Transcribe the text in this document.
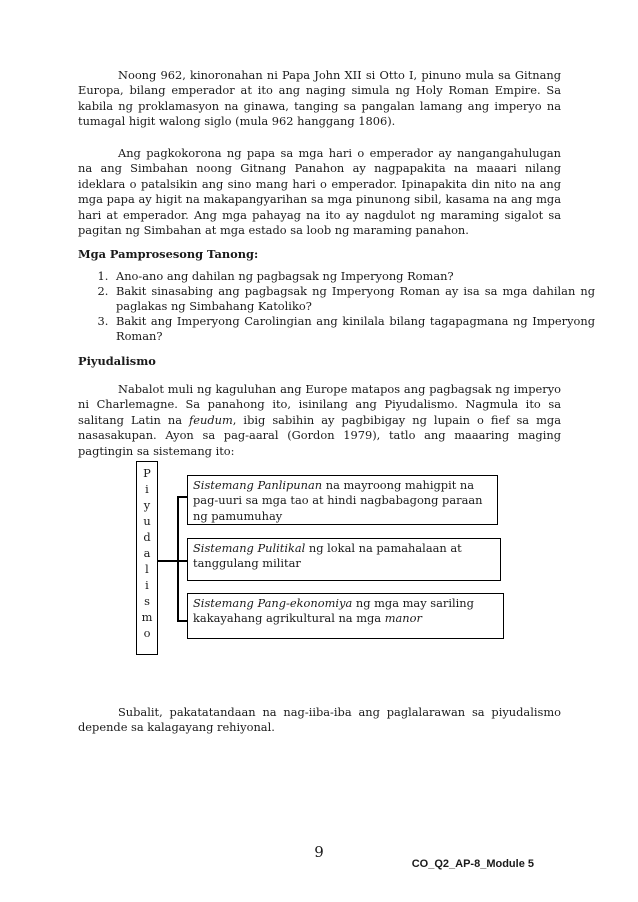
Noong 962, kinoronahan ni Papa John XII si Otto I, pinuno mula sa Gitnang Europa, bilang emperador at ito ang naging simula ng Holy Roman Empire. Sa kabila ng proklamasyon na ginawa, tanging sa pangalan lamang ang imperyo na tumagal higit walong siglo (mula 962 hanggang 1806).

Ang pagkokorona ng papa sa mga hari o emperador ay nangangahulugan na ang Simbahan noong Gitnang Panahon ay nagpapakita na maaari nilang ideklara o patalsikin ang sino mang hari o emperador. Ipinapakita din nito na ang mga papa ay higit na makapangyarihan sa mga pinunong sibil, kasama na ang mga hari at emperador. Ang mga pahayag na ito ay nagdulot ng maraming sigalot sa pagitan ng Simbahan at mga estado sa loob ng maraming panahon.

Mga Pamprosesong Tanong:

1. Ano-ano ang dahilan ng pagbagsak ng Imperyong Roman?
2. Bakit sinasabing ang pagbagsak ng Imperyong Roman ay isa sa mga dahilan ng paglakas ng Simbahang Katoliko?
3. Bakit ang Imperyong Carolingian ang kinilala bilang tagapagmana ng Imperyong Roman?

Piyudalismo

Nabalot muli ng kaguluhan ang Europe matapos ang pagbagsak ng imperyo ni Charlemagne. Sa panahong ito, isinilang ang Piyudalismo. Nagmula ito sa salitang Latin na feudum, ibig sabihin ay pagbibigay ng lupain o fief sa mga nasasakupan. Ayon sa pag-aaral (Gordon 1979), tatlo ang maaaring maging pagtingin sa sistemang ito:

P
i
y
u
d
a
l
i
s
m
o
Sistemang Panlipunan na mayroong mahigpit na pag-uuri sa mga tao at hindi nagbabagong paraan ng pamumuhay
Sistemang Pulitikal ng lokal na pamahalaan at tanggulang militar
Sistemang Pang-ekonomiya ng mga may sariling kakayahang agrikultural na mga manor

Subalit, pakatatandaan na nag-iiba-iba ang paglalarawan sa piyudalismo depende sa kalagayang rehiyonal.

9
CO_Q2_AP-8_Module 5
